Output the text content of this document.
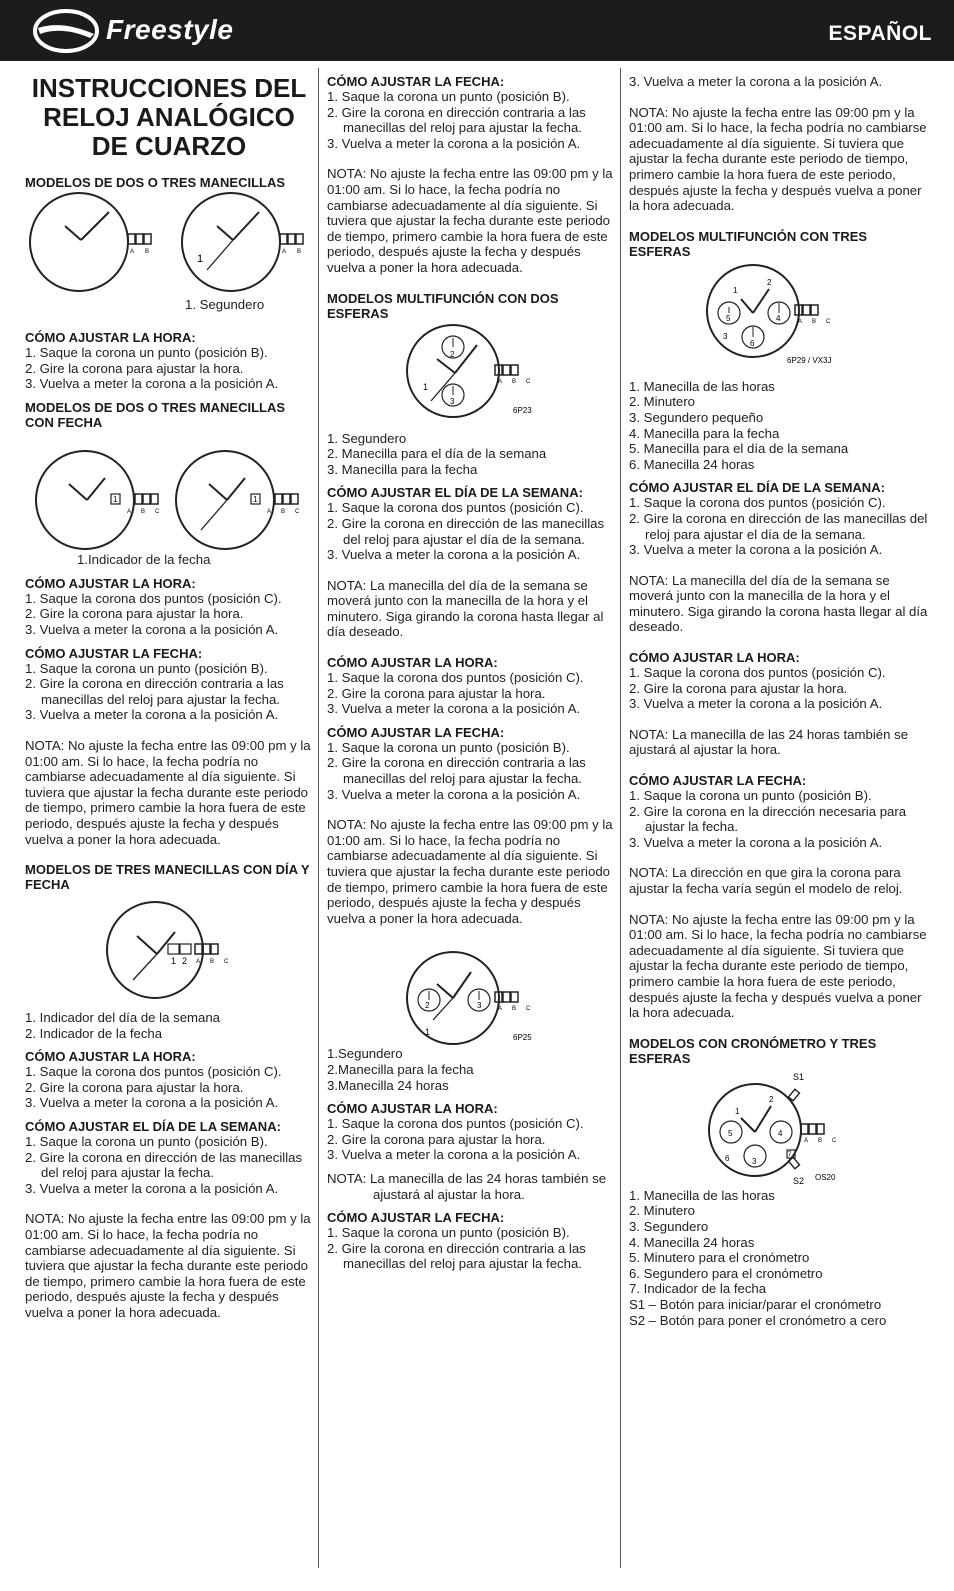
Freestyle	ESPAÑOL
INSTRUCCIONES DEL RELOJ ANALÓGICO DE CUARZO

MODELOS DE DOS O TRES MANECILLAS

A B
1
A B
1. Segundero

CÓMO AJUSTAR LA HORA:

1. Saque la corona un punto (posición B).
2. Gire la corona para ajustar la hora.
3. Vuelva a meter la corona a la posición A.

MODELOS DE DOS O TRES MANECILLAS CON FECHA

1
A B C
1
A B C
1.Indicador de la fecha

CÓMO AJUSTAR LA HORA:

1. Saque la corona dos puntos (posición C).
2. Gire la corona para ajustar la hora.
3. Vuelva a meter la corona a la posición A.

CÓMO AJUSTAR LA FECHA:

1. Saque la corona un punto (posición B).
2. Gire la corona en dirección contraria a las manecillas del reloj para ajustar la fecha.
3. Vuelva a meter la corona a la posición A.

NOTA: No ajuste la fecha entre las 09:00 pm y la 01:00 am. Si lo hace, la fecha podría no cambiarse adecuadamente al día siguiente. Si tuviera que ajustar la fecha durante este periodo de tiempo, primero cambie la hora fuera de este periodo, después ajuste la fecha y después vuelva a poner la hora adecuada.

MODELOS DE TRES MANECILLAS CON DÍA Y FECHA

1 2 A B C
1. Indicador del día de la semana
2. Indicador de la fecha

CÓMO AJUSTAR LA HORA:

1. Saque la corona dos puntos (posición C).
2. Gire la corona para ajustar la hora.
3. Vuelva a meter la corona a la posición A.

CÓMO AJUSTAR EL DÍA DE LA SEMANA:

1. Saque la corona un punto (posición B).
2. Gire la corona en dirección de las manecillas del reloj para ajustar la fecha.
3. Vuelva a meter la corona a la posición A.

NOTA: No ajuste la fecha entre las 09:00 pm y la 01:00 am. Si lo hace, la fecha podría no cambiarse adecuadamente al día siguiente. Si tuviera que ajustar la fecha durante este periodo de tiempo, primero cambie la hora fuera de este periodo, después ajuste la fecha y después vuelva a poner la hora adecuada.

CÓMO AJUSTAR LA FECHA:

1. Saque la corona un punto (posición B).
2. Gire la corona en dirección contraria a las manecillas del reloj para ajustar la fecha.
3. Vuelva a meter la corona a la posición A.

NOTA: No ajuste la fecha entre las 09:00 pm y la 01:00 am. Si lo hace, la fecha podría no cambiarse adecuadamente al día siguiente. Si tuviera que ajustar la fecha durante este periodo de tiempo, primero cambie la hora fuera de este periodo, después ajuste la fecha y después vuelva a poner la hora adecuada.

MODELOS MULTIFUNCIÓN CON DOS ESFERAS

2
3
1	A B C
6P23
1. Segundero
2. Manecilla para el día de la semana
3. Manecilla para la fecha

CÓMO AJUSTAR EL DÍA DE LA SEMANA:

1. Saque la corona dos puntos (posición C).
2. Gire la corona en dirección de las manecillas del reloj para ajustar el día de la semana.
3. Vuelva a meter la corona a la posición A.

NOTA: La manecilla del día de la semana se moverá junto con la manecilla de la hora y el minutero. Siga girando la corona hasta llegar al día deseado.

CÓMO AJUSTAR LA HORA:

1. Saque la corona dos puntos (posición C).
2. Gire la corona para ajustar la hora.
3. Vuelva a meter la corona a la posición A.

CÓMO AJUSTAR LA FECHA:

1. Saque la corona un punto (posición B).
2. Gire la corona en dirección contraria a las manecillas del reloj para ajustar la fecha.
3. Vuelva a meter la corona a la posición A.

NOTA: No ajuste la fecha entre las 09:00 pm y la 01:00 am. Si lo hace, la fecha podría no cambiarse adecuadamente al día siguiente. Si tuviera que ajustar la fecha durante este periodo de tiempo, primero cambie la hora fuera de este periodo, después ajuste la fecha y después vuelva a poner la hora adecuada.

2	3
1
A B C
6P25
1.Segundero
2.Manecilla para la fecha
3.Manecilla 24 horas

CÓMO AJUSTAR LA HORA:

1. Saque la corona dos puntos (posición C).
2. Gire la corona para ajustar la hora.
3. Vuelva a meter la corona a la posición A.

NOTA: La manecilla de las 24 horas también se ajustará al ajustar la hora.

CÓMO AJUSTAR LA FECHA:

1. Saque la corona un punto (posición B).
2. Gire la corona en dirección contraria a las manecillas del reloj para ajustar la fecha.

3. Vuelva a meter la corona a la posición A.

NOTA: No ajuste la fecha entre las 09:00 pm y la 01:00 am. Si lo hace, la fecha podría no cambiarse adecuadamente al día siguiente. Si tuviera que ajustar la fecha durante este periodo de tiempo, primero cambie la hora fuera de este periodo, después ajuste la fecha y después vuelva a poner la hora adecuada.

MODELOS MULTIFUNCIÓN CON TRES ESFERAS

5	4
6
1
2
3
A B C
6P29 / VX3J
1. Manecilla de las horas
2. Minutero
3. Segundero pequeño
4. Manecilla para la fecha
5. Manecilla para el día de la semana
6. Manecilla 24 horas

CÓMO AJUSTAR EL DÍA DE LA SEMANA:

1. Saque la corona dos puntos (posición C).
2. Gire la corona en dirección de las manecillas del reloj para ajustar el día de la semana.
3. Vuelva a meter la corona a la posición A.

NOTA: La manecilla del día de la semana se moverá junto con la manecilla de la hora y el minutero. Siga girando la corona hasta llegar al día deseado.

CÓMO AJUSTAR LA HORA:

1. Saque la corona dos puntos (posición C).
2. Gire la corona para ajustar la hora.
3. Vuelva a meter la corona a la posición A.

NOTA: La manecilla de las 24 horas también se ajustará al ajustar la hora.

CÓMO AJUSTAR LA FECHA:

1. Saque la corona un punto (posición B).
2. Gire la corona en la dirección necesaria para ajustar la fecha.
3. Vuelva a meter la corona a la posición A.

NOTA: La dirección en que gira la corona para ajustar la fecha varía según el modelo de reloj.

NOTA: No ajuste la fecha entre las 09:00 pm y la 01:00 am. Si lo hace, la fecha podría no cambiarse adecuadamente al día siguiente. Si tuviera que ajustar la fecha durante este periodo de tiempo, primero cambie la hora fuera de este periodo, después ajuste la fecha y después vuelva a poner la hora adecuada.

MODELOS CON CRONÓMETRO Y TRES ESFERAS

5	4
3
1
2
6	7
S1
S2
A B C
OS20
1. Manecilla de las horas
2. Minutero
3. Segundero
4. Manecilla 24 horas
5. Minutero para el cronómetro
6. Segundero para el cronómetro
7. Indicador de la fecha
S1 – Botón para iniciar/parar el cronómetro
S2 – Botón para poner el cronómetro a cero
